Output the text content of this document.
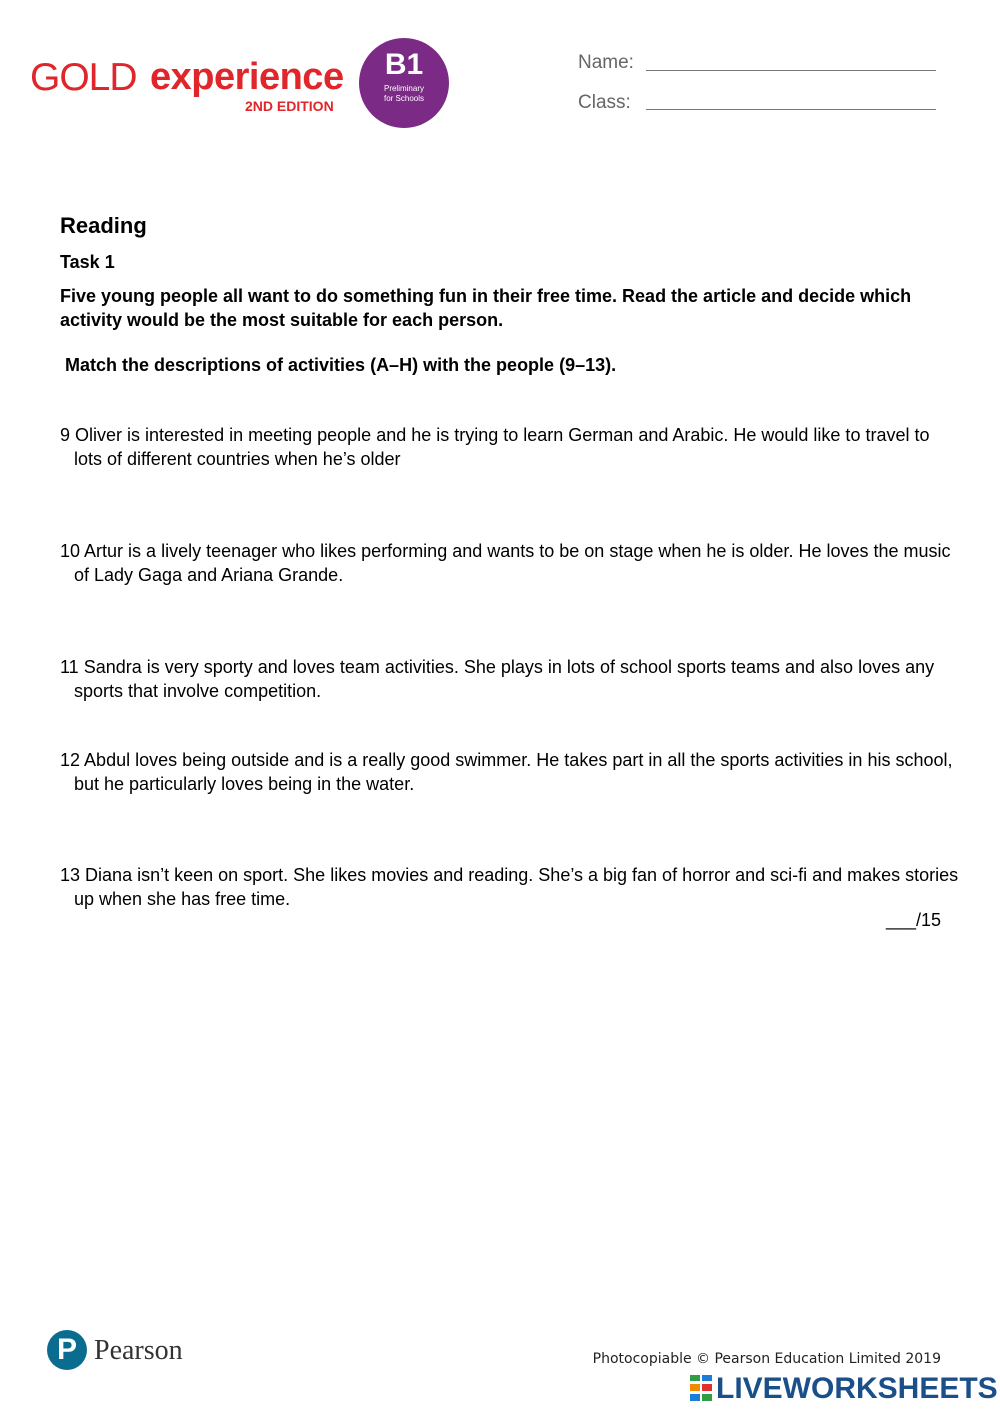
GOLD experience
2ND EDITION
B1
Preliminary
for Schools
Name:
Class:
Reading
Task 1
Five young people all want to do something fun in their free time. Read the article and decide which activity would be the most suitable for each person.
Match the descriptions of activities (A–H) with the people (9–13).
9 Oliver is interested in meeting people and he is trying to learn German and Arabic. He would like to travel to lots of different countries when he’s older
10 Artur is a lively teenager who likes performing and wants to be on stage when he is older. He loves the music of Lady Gaga and Ariana Grande.
11 Sandra is very sporty and loves team activities. She plays in lots of school sports teams and also loves any sports that involve competition.
12 Abdul loves being outside and is a really good swimmer. He takes part in all the sports activities in his school, but he particularly loves being in the water.
13 Diana isn’t keen on sport. She likes movies and reading. She’s a big fan of horror and sci-fi and makes stories up when she has free time.
___/15
P Pearson	Photocopiable © Pearson Education Limited 2019
LIVEWORKSHEETS
